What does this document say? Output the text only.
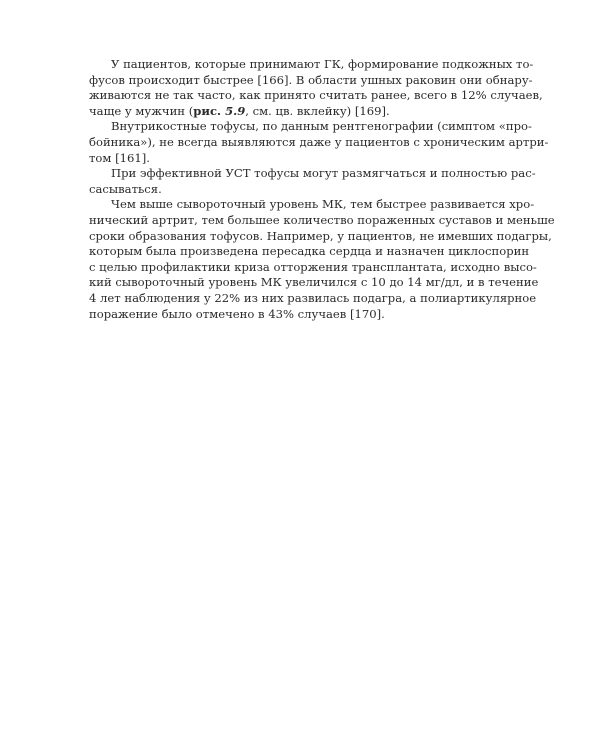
У пациентов, которые принимают ГК, формирование подкожных то-
фусов происходит быстрее [166]. В области ушных раковин они обнару-
живаются не так часто, как принято считать ранее, всего в 12% случаев,
чаще у мужчин (рис. 5.9, см. цв. вклейку) [169].
Внутрикостные тофусы, по данным рентгенографии (симптом «про-
бойника»), не всегда выявляются даже у пациентов с хроническим артри-
том [161].
При эффективной УСТ тофусы могут размягчаться и полностью рас-
сасываться.
Чем выше сывороточный уровень МК, тем быстрее развивается хро-
нический артрит, тем большее количество пораженных суставов и меньше
сроки образования тофусов. Например, у пациентов, не имевших подагры,
которым была произведена пересадка сердца и назначен циклоспорин
с целью профилактики криза отторжения трансплантата, исходно высо-
кий сывороточный уровень МК увеличился с 10 до 14 мг/дл, и в течение
4 лет наблюдения у 22% из них развилась подагра, а полиартикулярное
поражение было отмечено в 43% случаев [170].
